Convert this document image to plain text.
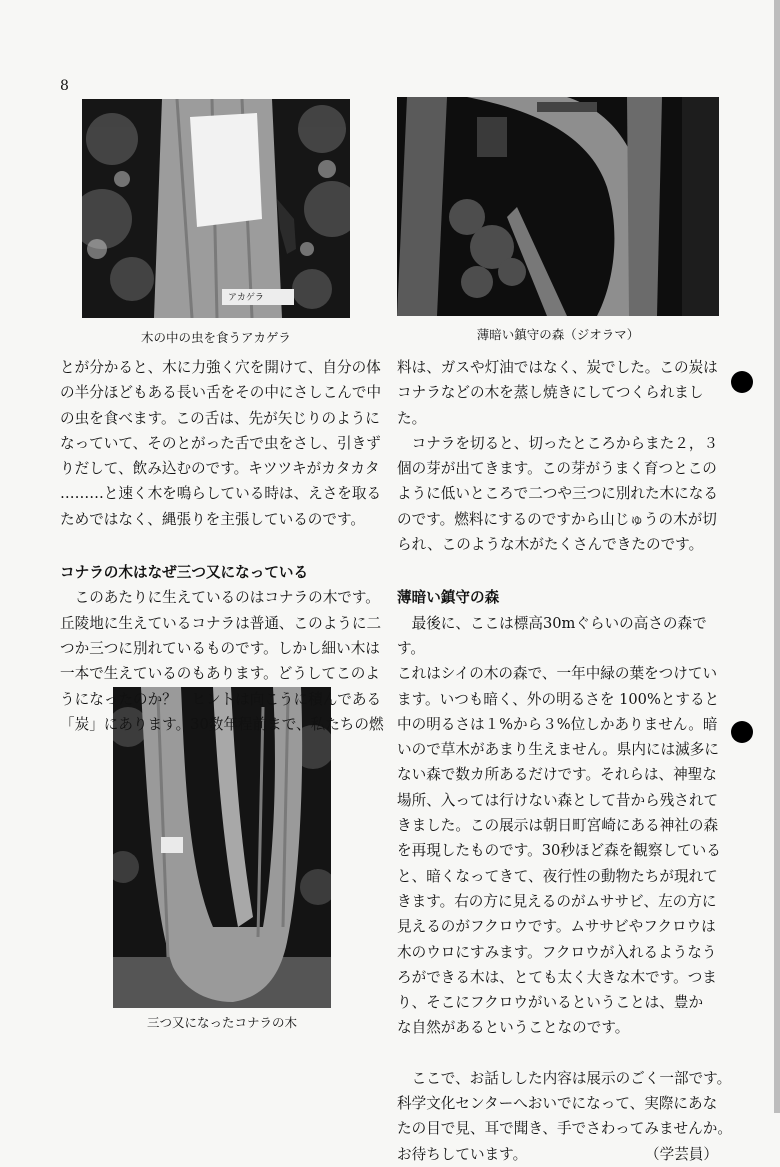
8
アカゲラ
木の中の虫を食うアカゲラ	薄暗い鎮守の森（ジオラマ）
三つ又になったコナラの木

とが分かると、木に力強く穴を開けて、自分の体
の半分ほどもある長い舌をその中にさしこんで中
の虫を食べます。この舌は、先が矢じりのように
なっていて、そのとがった舌で虫をさし、引きず
りだして、飲み込むのです。キツツキがカタカタ
………と速く木を鳴らしている時は、えさを取る
ためではなく、縄張りを主張しているのです。

コナラの木はなぜ三つ又になっている

このあたりに生えているのはコナラの木です。
丘陵地に生えているコナラは普通、このように二
つか三つに別れているものです。しかし細い木は
一本で生えているのもあります。どうしてこのよ
うになったのか？　ヒントは向こうに積んである
「炭」にあります。30数年程前まで、私たちの燃

料は、ガスや灯油ではなく、炭でした。この炭は
コナラなどの木を蒸し焼きにしてつくられました。

コナラを切ると、切ったところからまた２，３
個の芽が出てきます。この芽がうまく育つとこの
ように低いところで二つや三つに別れた木になる
のです。燃料にするのですから山じゅうの木が切
られ、このような木がたくさんできたのです。

薄暗い鎮守の森

最後に、ここは標高30mぐらいの高さの森です。
これはシイの木の森で、一年中緑の葉をつけてい
ます。いつも暗く、外の明るさを 100%とすると
中の明るさは１%から３%位しかありません。暗
いので草木があまり生えません。県内には滅多に
ない森で数カ所あるだけです。それらは、神聖な
場所、入っては行けない森として昔から残されて
きました。この展示は朝日町宮崎にある神社の森
を再現したものです。30秒ほど森を観察している
と、暗くなってきて、夜行性の動物たちが現れて
きます。右の方に見えるのがムササビ、左の方に
見えるのがフクロウです。ムササビやフクロウは
木のウロにすみます。フクロウが入れるようなう
ろができる木は、とても太く大きな木です。つま
り、そこにフクロウがいるということは、豊か
な自然があるということなのです。

ここで、お話しした内容は展示のごく一部です。
科学文化センターへおいでになって、実際にあな
たの目で見、耳で聞き、手でさわってみませんか。
お待ちしています。	（学芸員）
